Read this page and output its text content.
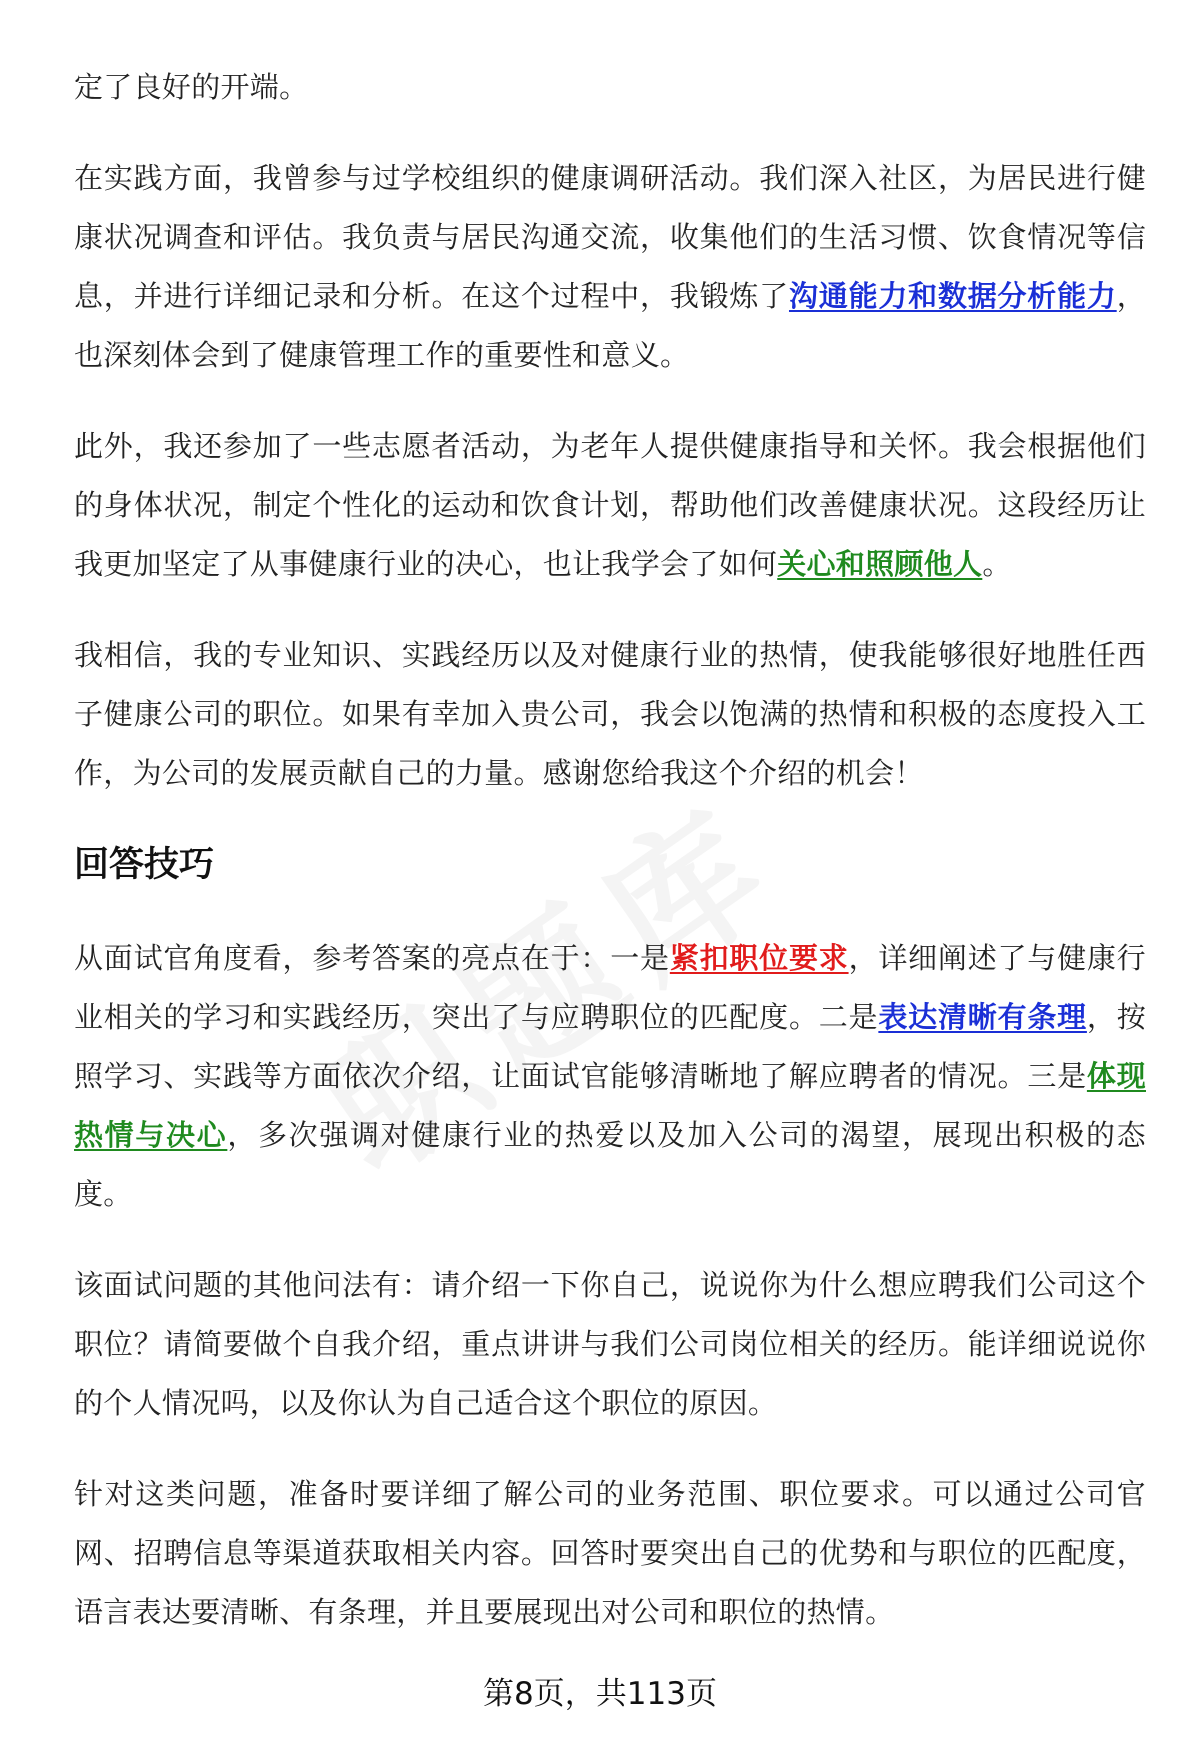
定了良好的开端。

在实践方面，我曾参与过学校组织的健康调研活动。我们深入社区，为居民进行健康状况调查和评估。我负责与居民沟通交流，收集他们的生活习惯、饮食情况等信息，并进行详细记录和分析。在这个过程中，我锻炼了沟通能力和数据分析能力，也深刻体会到了健康管理工作的重要性和意义。

此外，我还参加了一些志愿者活动，为老年人提供健康指导和关怀。我会根据他们的身体状况，制定个性化的运动和饮食计划，帮助他们改善健康状况。这段经历让我更加坚定了从事健康行业的决心，也让我学会了如何关心和照顾他人。

我相信，我的专业知识、实践经历以及对健康行业的热情，使我能够很好地胜任西子健康公司的职位。如果有幸加入贵公司，我会以饱满的热情和积极的态度投入工作，为公司的发展贡献自己的力量。感谢您给我这个介绍的机会！

回答技巧

从面试官角度看，参考答案的亮点在于：一是紧扣职位要求，详细阐述了与健康行业相关的学习和实践经历，突出了与应聘职位的匹配度。二是表达清晰有条理，按照学习、实践等方面依次介绍，让面试官能够清晰地了解应聘者的情况。三是体现热情与决心，多次强调对健康行业的热爱以及加入公司的渴望，展现出积极的态度。

该面试问题的其他问法有：请介绍一下你自己，说说你为什么想应聘我们公司这个职位？请简要做个自我介绍，重点讲讲与我们公司岗位相关的经历。能详细说说你的个人情况吗，以及你认为自己适合这个职位的原因。

针对这类问题，准备时要详细了解公司的业务范围、职位要求。可以通过公司官网、招聘信息等渠道获取相关内容。回答时要突出自己的优势和与职位的匹配度，语言表达要清晰、有条理，并且要展现出对公司和职位的热情。

第8页，共113页
